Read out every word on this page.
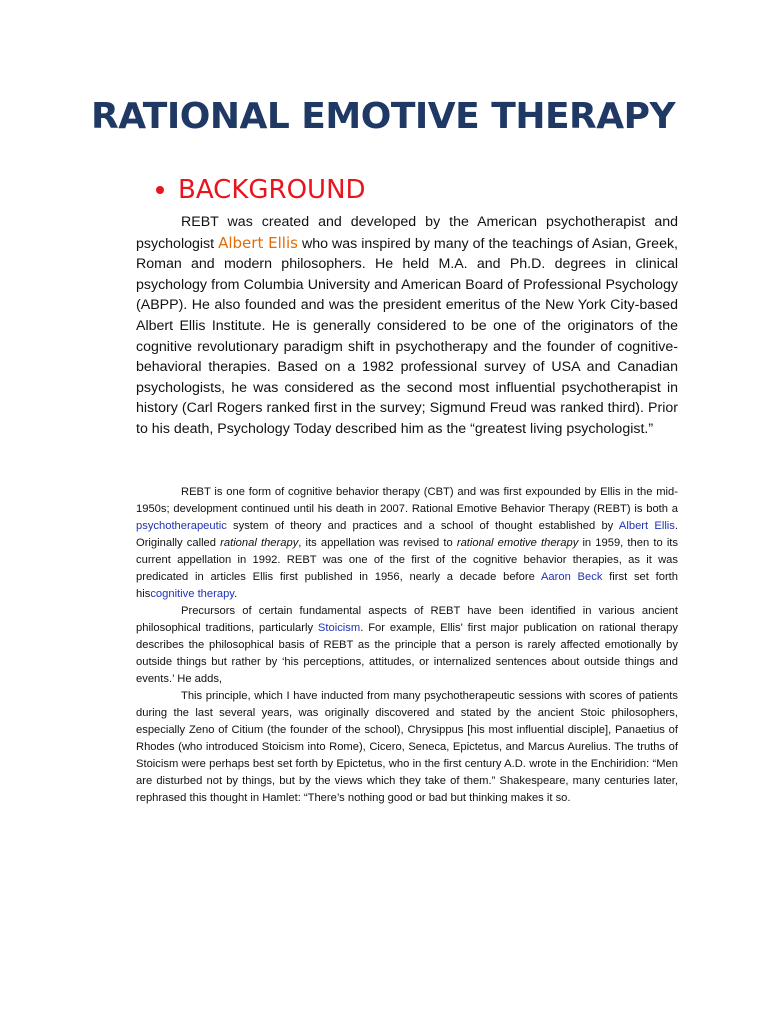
RATIONAL EMOTIVE THERAPY
BACKGROUND

REBT was created and developed by the American psychotherapist and psychologist Albert Ellis who was inspired by many of the teachings of Asian, Greek, Roman and modern philosophers. He held M.A. and Ph.D. degrees in clinical psychology from Columbia University and American Board of Professional Psychology (ABPP). He also founded and was the president emeritus of the New York City-based Albert Ellis Institute. He is generally considered to be one of the originators of the cognitive revolutionary paradigm shift in psychotherapy and the founder of cognitive-behavioral therapies. Based on a 1982 professional survey of USA and Canadian psychologists, he was considered as the second most influential psychotherapist in history (Carl Rogers ranked first in the survey; Sigmund Freud was ranked third). Prior to his death, Psychology Today described him as the “greatest living psychologist.”

REBT is one form of cognitive behavior therapy (CBT) and was first expounded by Ellis in the mid-1950s; development continued until his death in 2007. Rational Emotive Behavior Therapy (REBT) is both a psychotherapeutic system of theory and practices and a school of thought established by Albert Ellis. Originally called rational therapy, its appellation was revised to rational emotive therapy in 1959, then to its current appellation in 1992. REBT was one of the first of the cognitive behavior therapies, as it was predicated in articles Ellis first published in 1956, nearly a decade before Aaron Beck first set forth hiscognitive therapy.

Precursors of certain fundamental aspects of REBT have been identified in various ancient philosophical traditions, particularly Stoicism. For example, Ellis' first major publication on rational therapy describes the philosophical basis of REBT as the principle that a person is rarely affected emotionally by outside things but rather by ‘his perceptions, attitudes, or internalized sentences about outside things and events.’ He adds,

This principle, which I have inducted from many psychotherapeutic sessions with scores of patients during the last several years, was originally discovered and stated by the ancient Stoic philosophers, especially Zeno of Citium (the founder of the school), Chrysippus [his most influential disciple], Panaetius of Rhodes (who introduced Stoicism into Rome), Cicero, Seneca, Epictetus, and Marcus Aurelius. The truths of Stoicism were perhaps best set forth by Epictetus, who in the first century A.D. wrote in the Enchiridion: “Men are disturbed not by things, but by the views which they take of them.” Shakespeare, many centuries later, rephrased this thought in Hamlet: “There’s nothing good or bad but thinking makes it so.
